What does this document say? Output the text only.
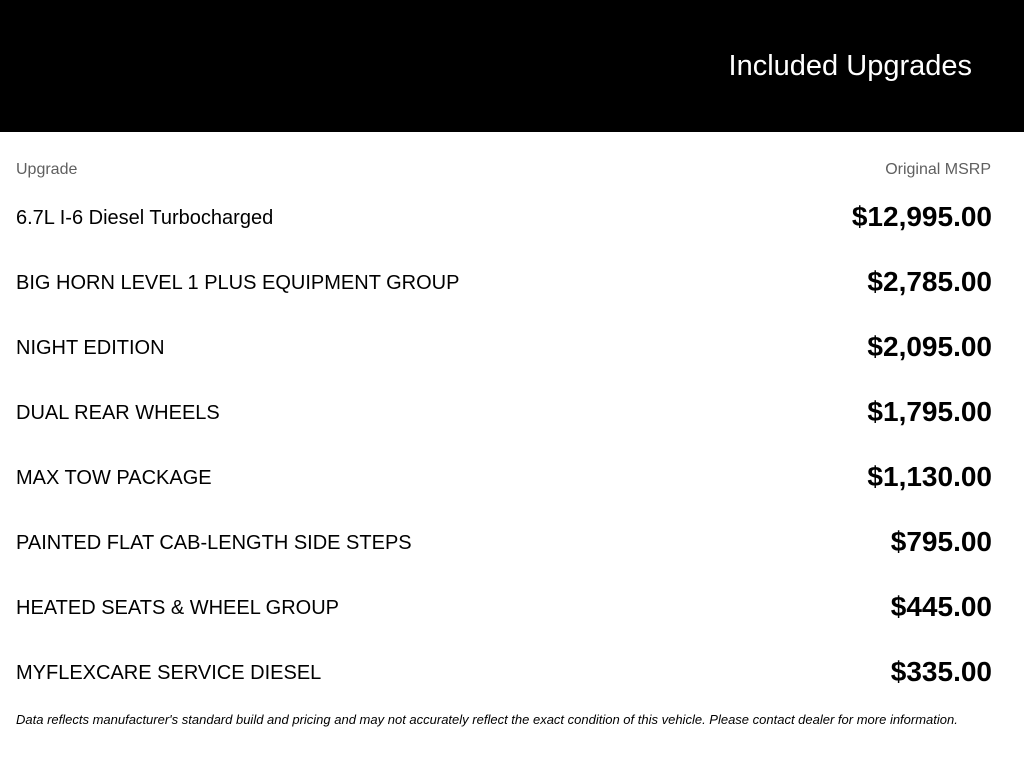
Included Upgrades
Upgrade	Original MSRP
6.7L I-6 Diesel Turbocharged	$12,995.00
BIG HORN LEVEL 1 PLUS EQUIPMENT GROUP	$2,785.00
NIGHT EDITION	$2,095.00
DUAL REAR WHEELS	$1,795.00
MAX TOW PACKAGE	$1,130.00
PAINTED FLAT CAB-LENGTH SIDE STEPS	$795.00
HEATED SEATS & WHEEL GROUP	$445.00
MYFLEXCARE SERVICE DIESEL	$335.00
Data reflects manufacturer's standard build and pricing and may not accurately reflect the exact condition of this vehicle. Please contact dealer for more information.
